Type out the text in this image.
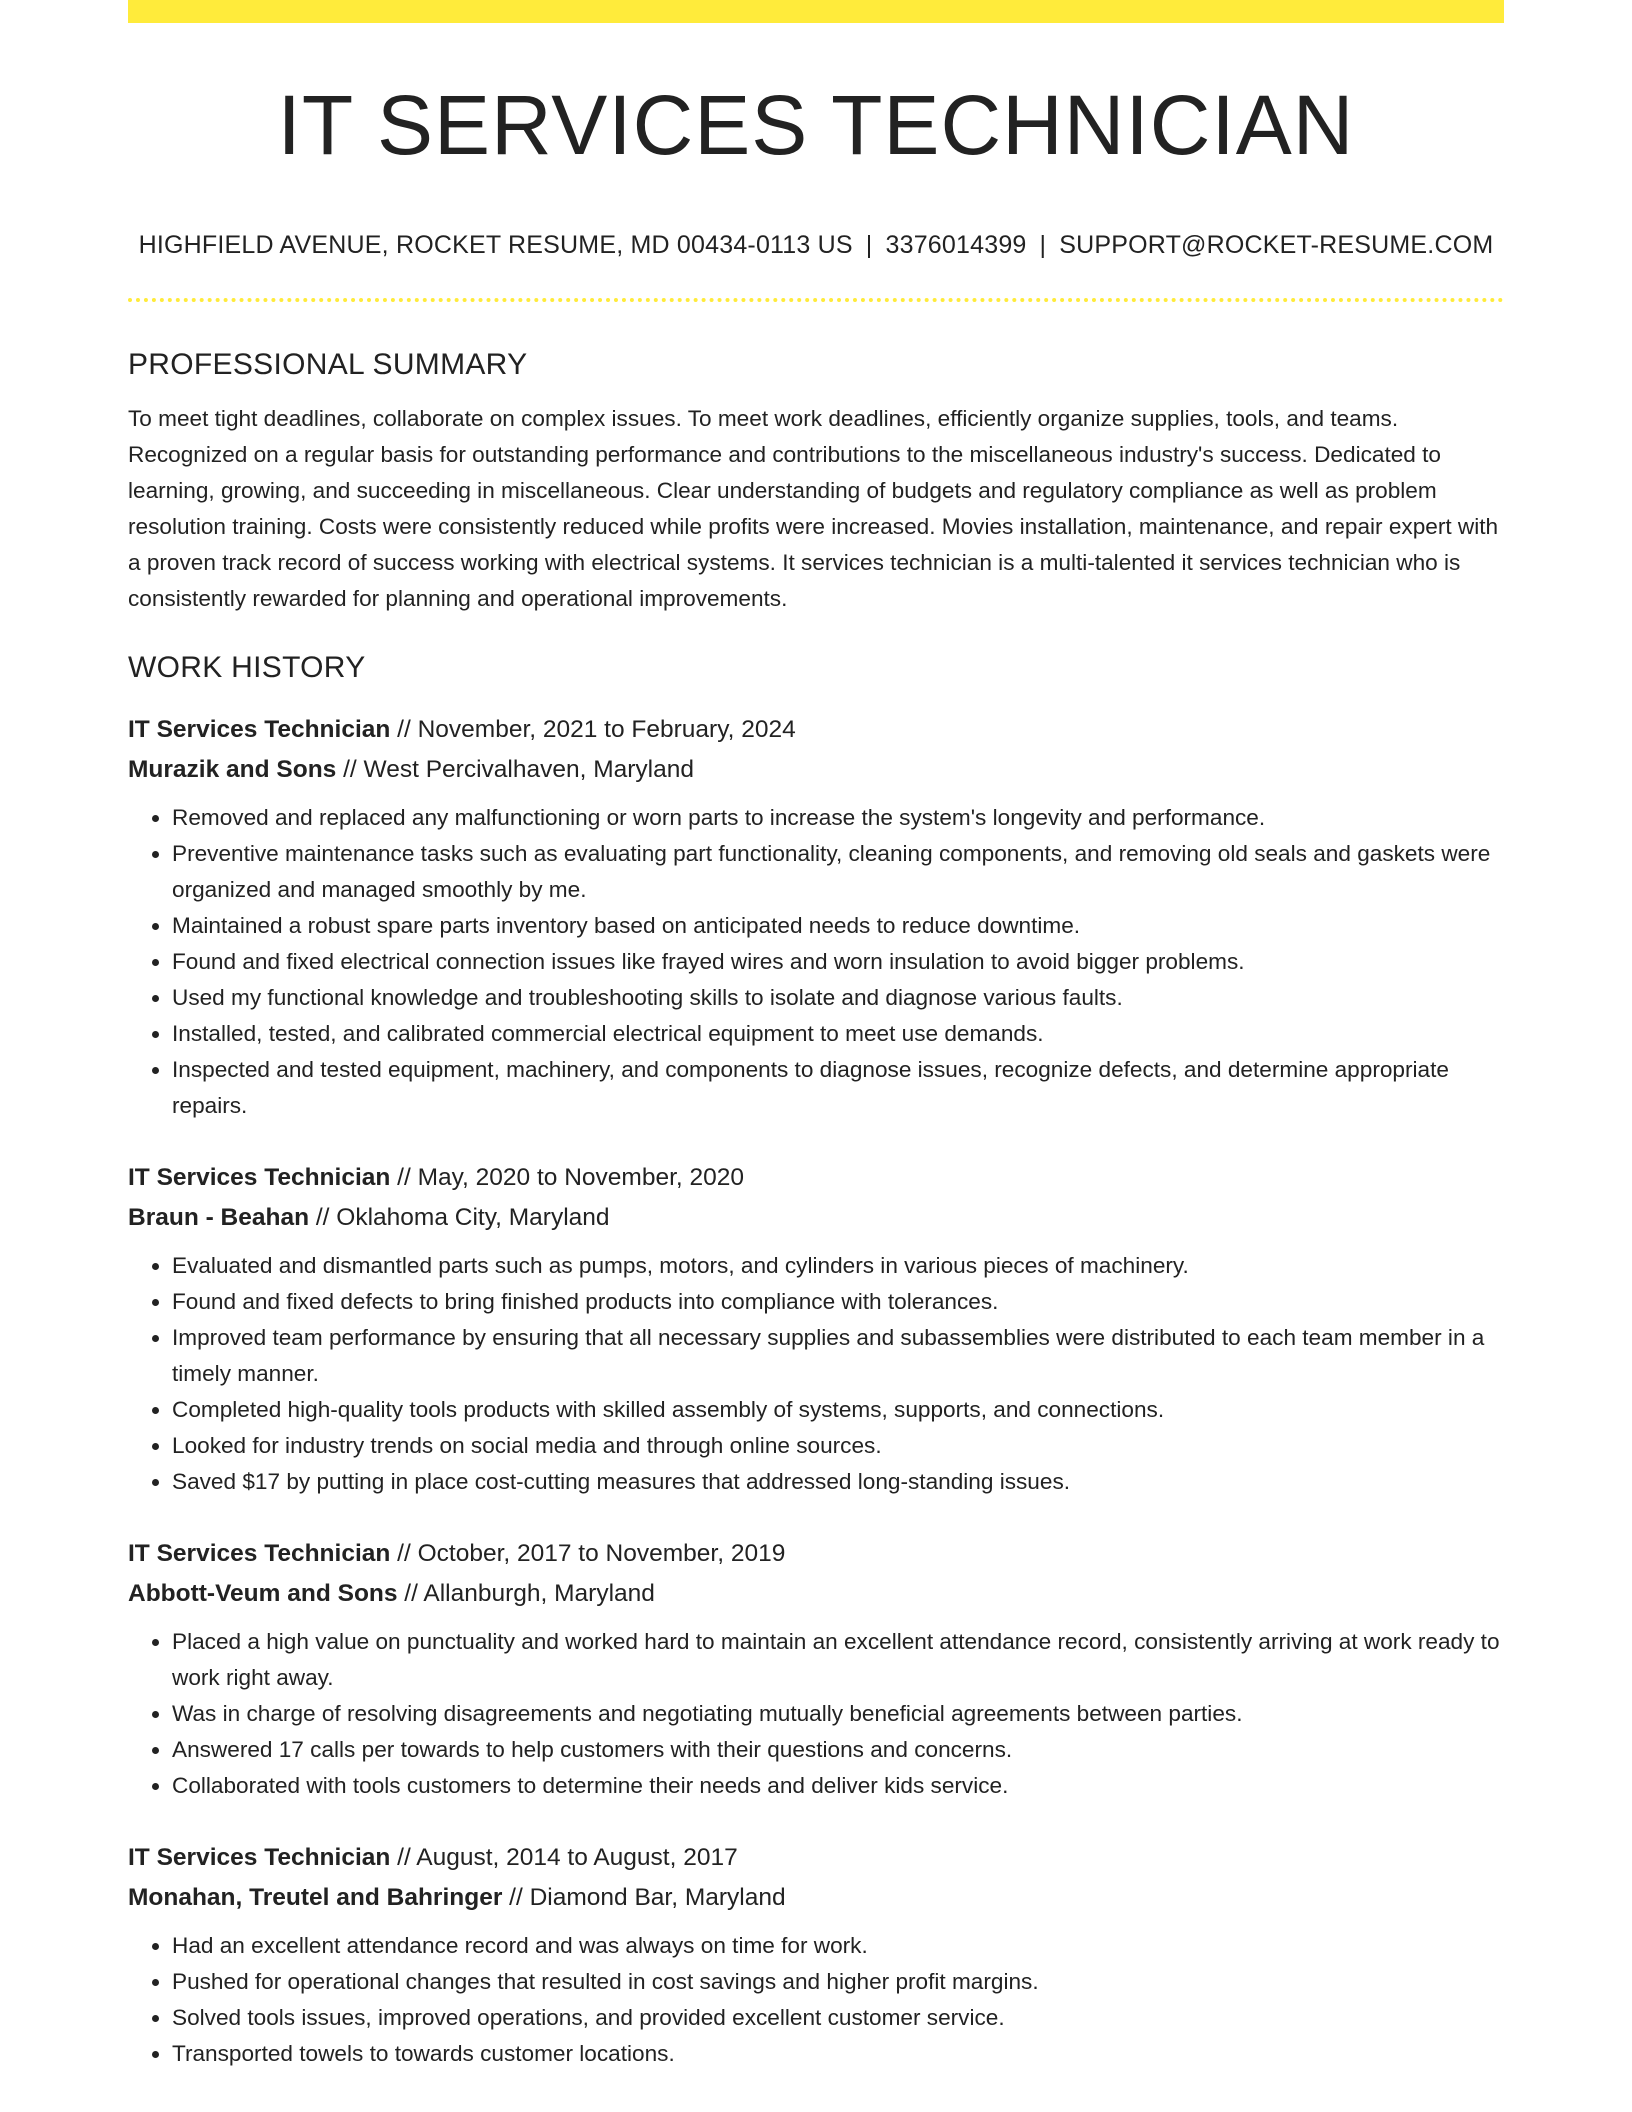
IT SERVICES TECHNICIAN
HIGHFIELD AVENUE, ROCKET RESUME, MD 00434-0113 US | 3376014399 | SUPPORT@ROCKET-RESUME.COM
PROFESSIONAL SUMMARY

To meet tight deadlines, collaborate on complex issues. To meet work deadlines, efficiently organize supplies, tools, and teams. Recognized on a regular basis for outstanding performance and contributions to the miscellaneous industry's success. Dedicated to learning, growing, and succeeding in miscellaneous. Clear understanding of budgets and regulatory compliance as well as problem resolution training. Costs were consistently reduced while profits were increased. Movies installation, maintenance, and repair expert with a proven track record of success working with electrical systems. It services technician is a multi-talented it services technician who is consistently rewarded for planning and operational improvements.

WORK HISTORY
IT Services Technician // November, 2021 to February, 2024
Murazik and Sons // West Percivalhaven, Maryland
• Removed and replaced any malfunctioning or worn parts to increase the system's longevity and performance.
• Preventive maintenance tasks such as evaluating part functionality, cleaning components, and removing old seals and gaskets were organized and managed smoothly by me.
• Maintained a robust spare parts inventory based on anticipated needs to reduce downtime.
• Found and fixed electrical connection issues like frayed wires and worn insulation to avoid bigger problems.
• Used my functional knowledge and troubleshooting skills to isolate and diagnose various faults.
• Installed, tested, and calibrated commercial electrical equipment to meet use demands.
• Inspected and tested equipment, machinery, and components to diagnose issues, recognize defects, and determine appropriate repairs.
IT Services Technician // May, 2020 to November, 2020
Braun - Beahan // Oklahoma City, Maryland
• Evaluated and dismantled parts such as pumps, motors, and cylinders in various pieces of machinery.
• Found and fixed defects to bring finished products into compliance with tolerances.
• Improved team performance by ensuring that all necessary supplies and subassemblies were distributed to each team member in a timely manner.
• Completed high-quality tools products with skilled assembly of systems, supports, and connections.
• Looked for industry trends on social media and through online sources.
• Saved $17 by putting in place cost-cutting measures that addressed long-standing issues.
IT Services Technician // October, 2017 to November, 2019
Abbott-Veum and Sons // Allanburgh, Maryland
• Placed a high value on punctuality and worked hard to maintain an excellent attendance record, consistently arriving at work ready to work right away.
• Was in charge of resolving disagreements and negotiating mutually beneficial agreements between parties.
• Answered 17 calls per towards to help customers with their questions and concerns.
• Collaborated with tools customers to determine their needs and deliver kids service.
IT Services Technician // August, 2014 to August, 2017
Monahan, Treutel and Bahringer // Diamond Bar, Maryland
• Had an excellent attendance record and was always on time for work.
• Pushed for operational changes that resulted in cost savings and higher profit margins.
• Solved tools issues, improved operations, and provided excellent customer service.
• Transported towels to towards customer locations.
